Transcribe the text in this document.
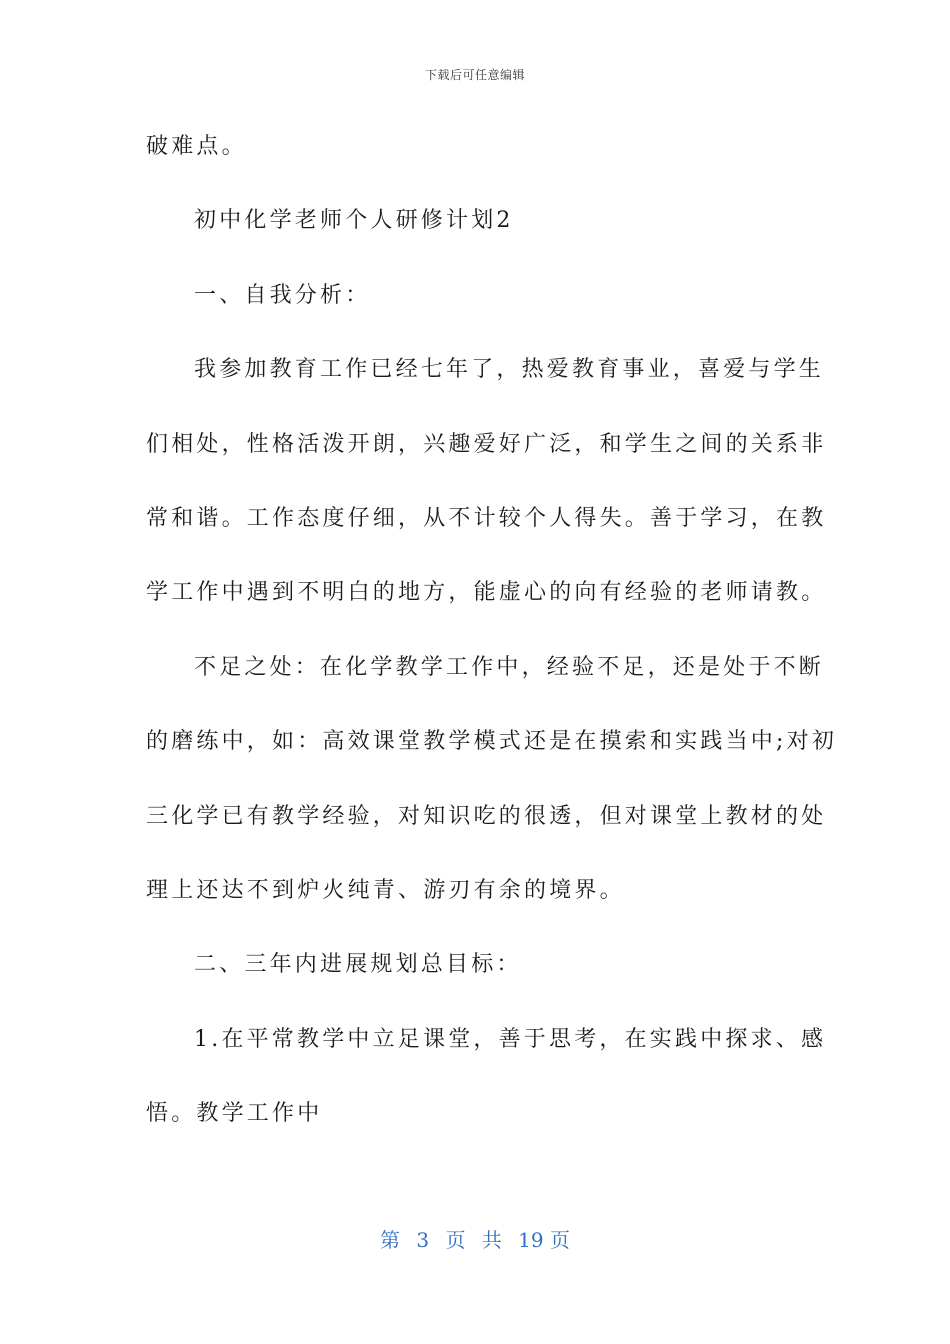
下载后可任意编辑
破难点。
初中化学老师个人研修计划2
一、自我分析：
我参加教育工作已经七年了，热爱教育事业，喜爱与学生
们相处，性格活泼开朗，兴趣爱好广泛，和学生之间的关系非
常和谐。工作态度仔细，从不计较个人得失。善于学习，在教
学工作中遇到不明白的地方，能虚心的向有经验的老师请教。
不足之处：在化学教学工作中，经验不足，还是处于不断
的磨练中，如：高效课堂教学模式还是在摸索和实践当中;对初
三化学已有教学经验，对知识吃的很透，但对课堂上教材的处
理上还达不到炉火纯青、游刃有余的境界。
二、三年内进展规划总目标：
1.在平常教学中立足课堂，善于思考，在实践中探求、感
悟。教学工作中
第 3 页 共 19 页
